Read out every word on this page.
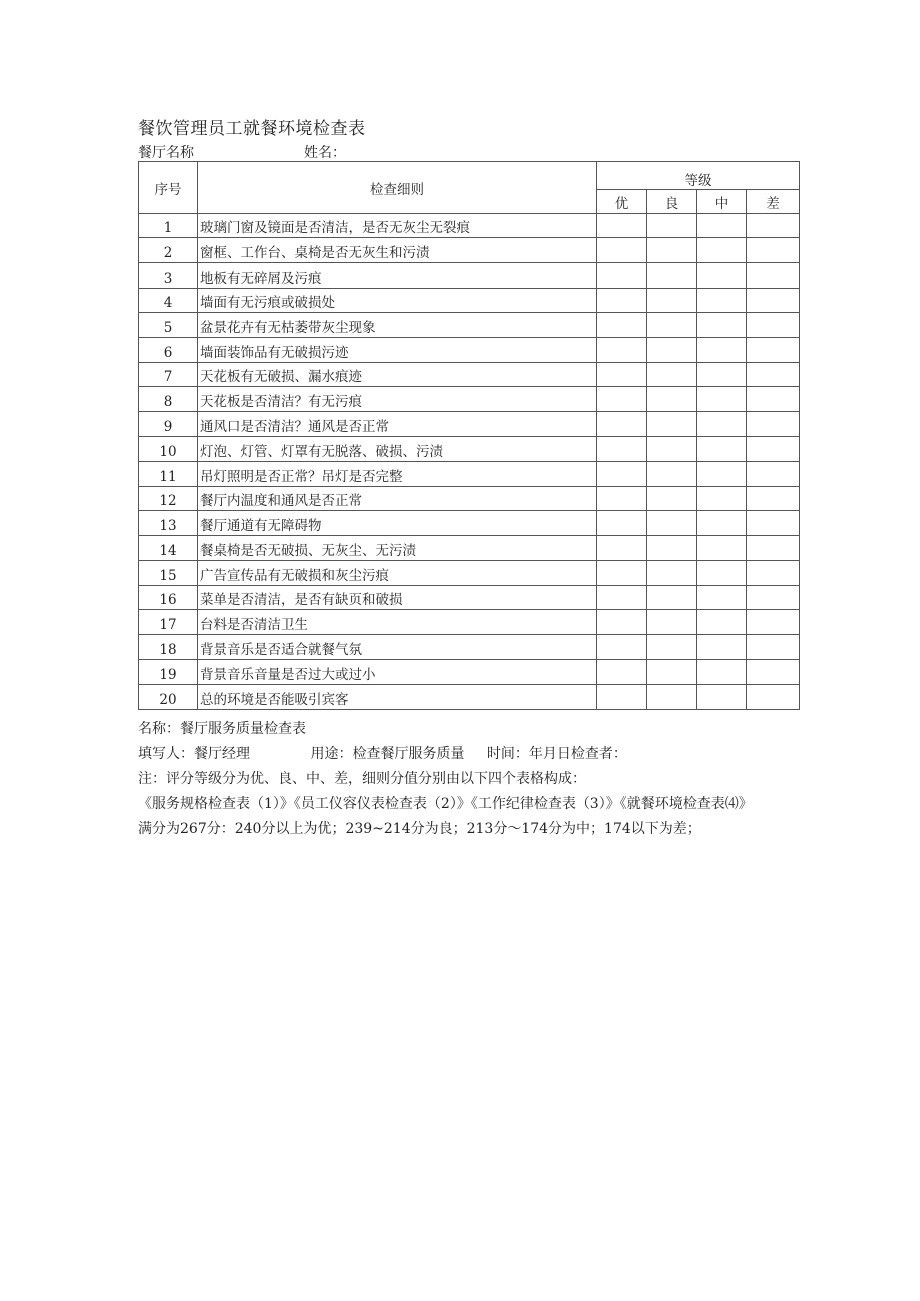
餐饮管理员工就餐环境检查表
餐厅名称	姓名：
序号	检查细则	等级			
		优	良	中	差
1	玻璃门窗及镜面是否清洁，是否无灰尘无裂痕				
2	窗框、工作台、桌椅是否无灰生和污渍				
3	地板有无碎屑及污痕				
4	墙面有无污痕或破损处				
5	盆景花卉有无枯萎带灰尘现象				
6	墙面装饰品有无破损污迹				
7	天花板有无破损、漏水痕迹				
8	天花板是否清洁？有无污痕				
9	通风口是否清洁？通风是否正常				
10	灯泡、灯管、灯罩有无脱落、破损、污渍				
11	吊灯照明是否正常？吊灯是否完整				
12	餐厅内温度和通风是否正常				
13	餐厅通道有无障碍物				
14	餐桌椅是否无破损、无灰尘、无污渍				
15	广告宣传品有无破损和灰尘污痕				
16	菜单是否清洁，是否有缺页和破损				
17	台料是否清洁卫生				
18	背景音乐是否适合就餐气氛				
19	背景音乐音量是否过大或过小				
20	总的环境是否能吸引宾客				

名称：餐厅服务质量检查表

填写人：餐厅经理	用途：检查餐厅服务质量 时间：年月日检查者：

注：评分等级分为优、良、中、差，细则分值分别由以下四个表格构成：

《服务规格检查表（1）》《员工仪容仪表检查表（2）》《工作纪律检查表（3）》《就餐环境检查表⑷》

满分为267分：240分以上为优；239~214分为良；213分～174分为中；174以下为差；
